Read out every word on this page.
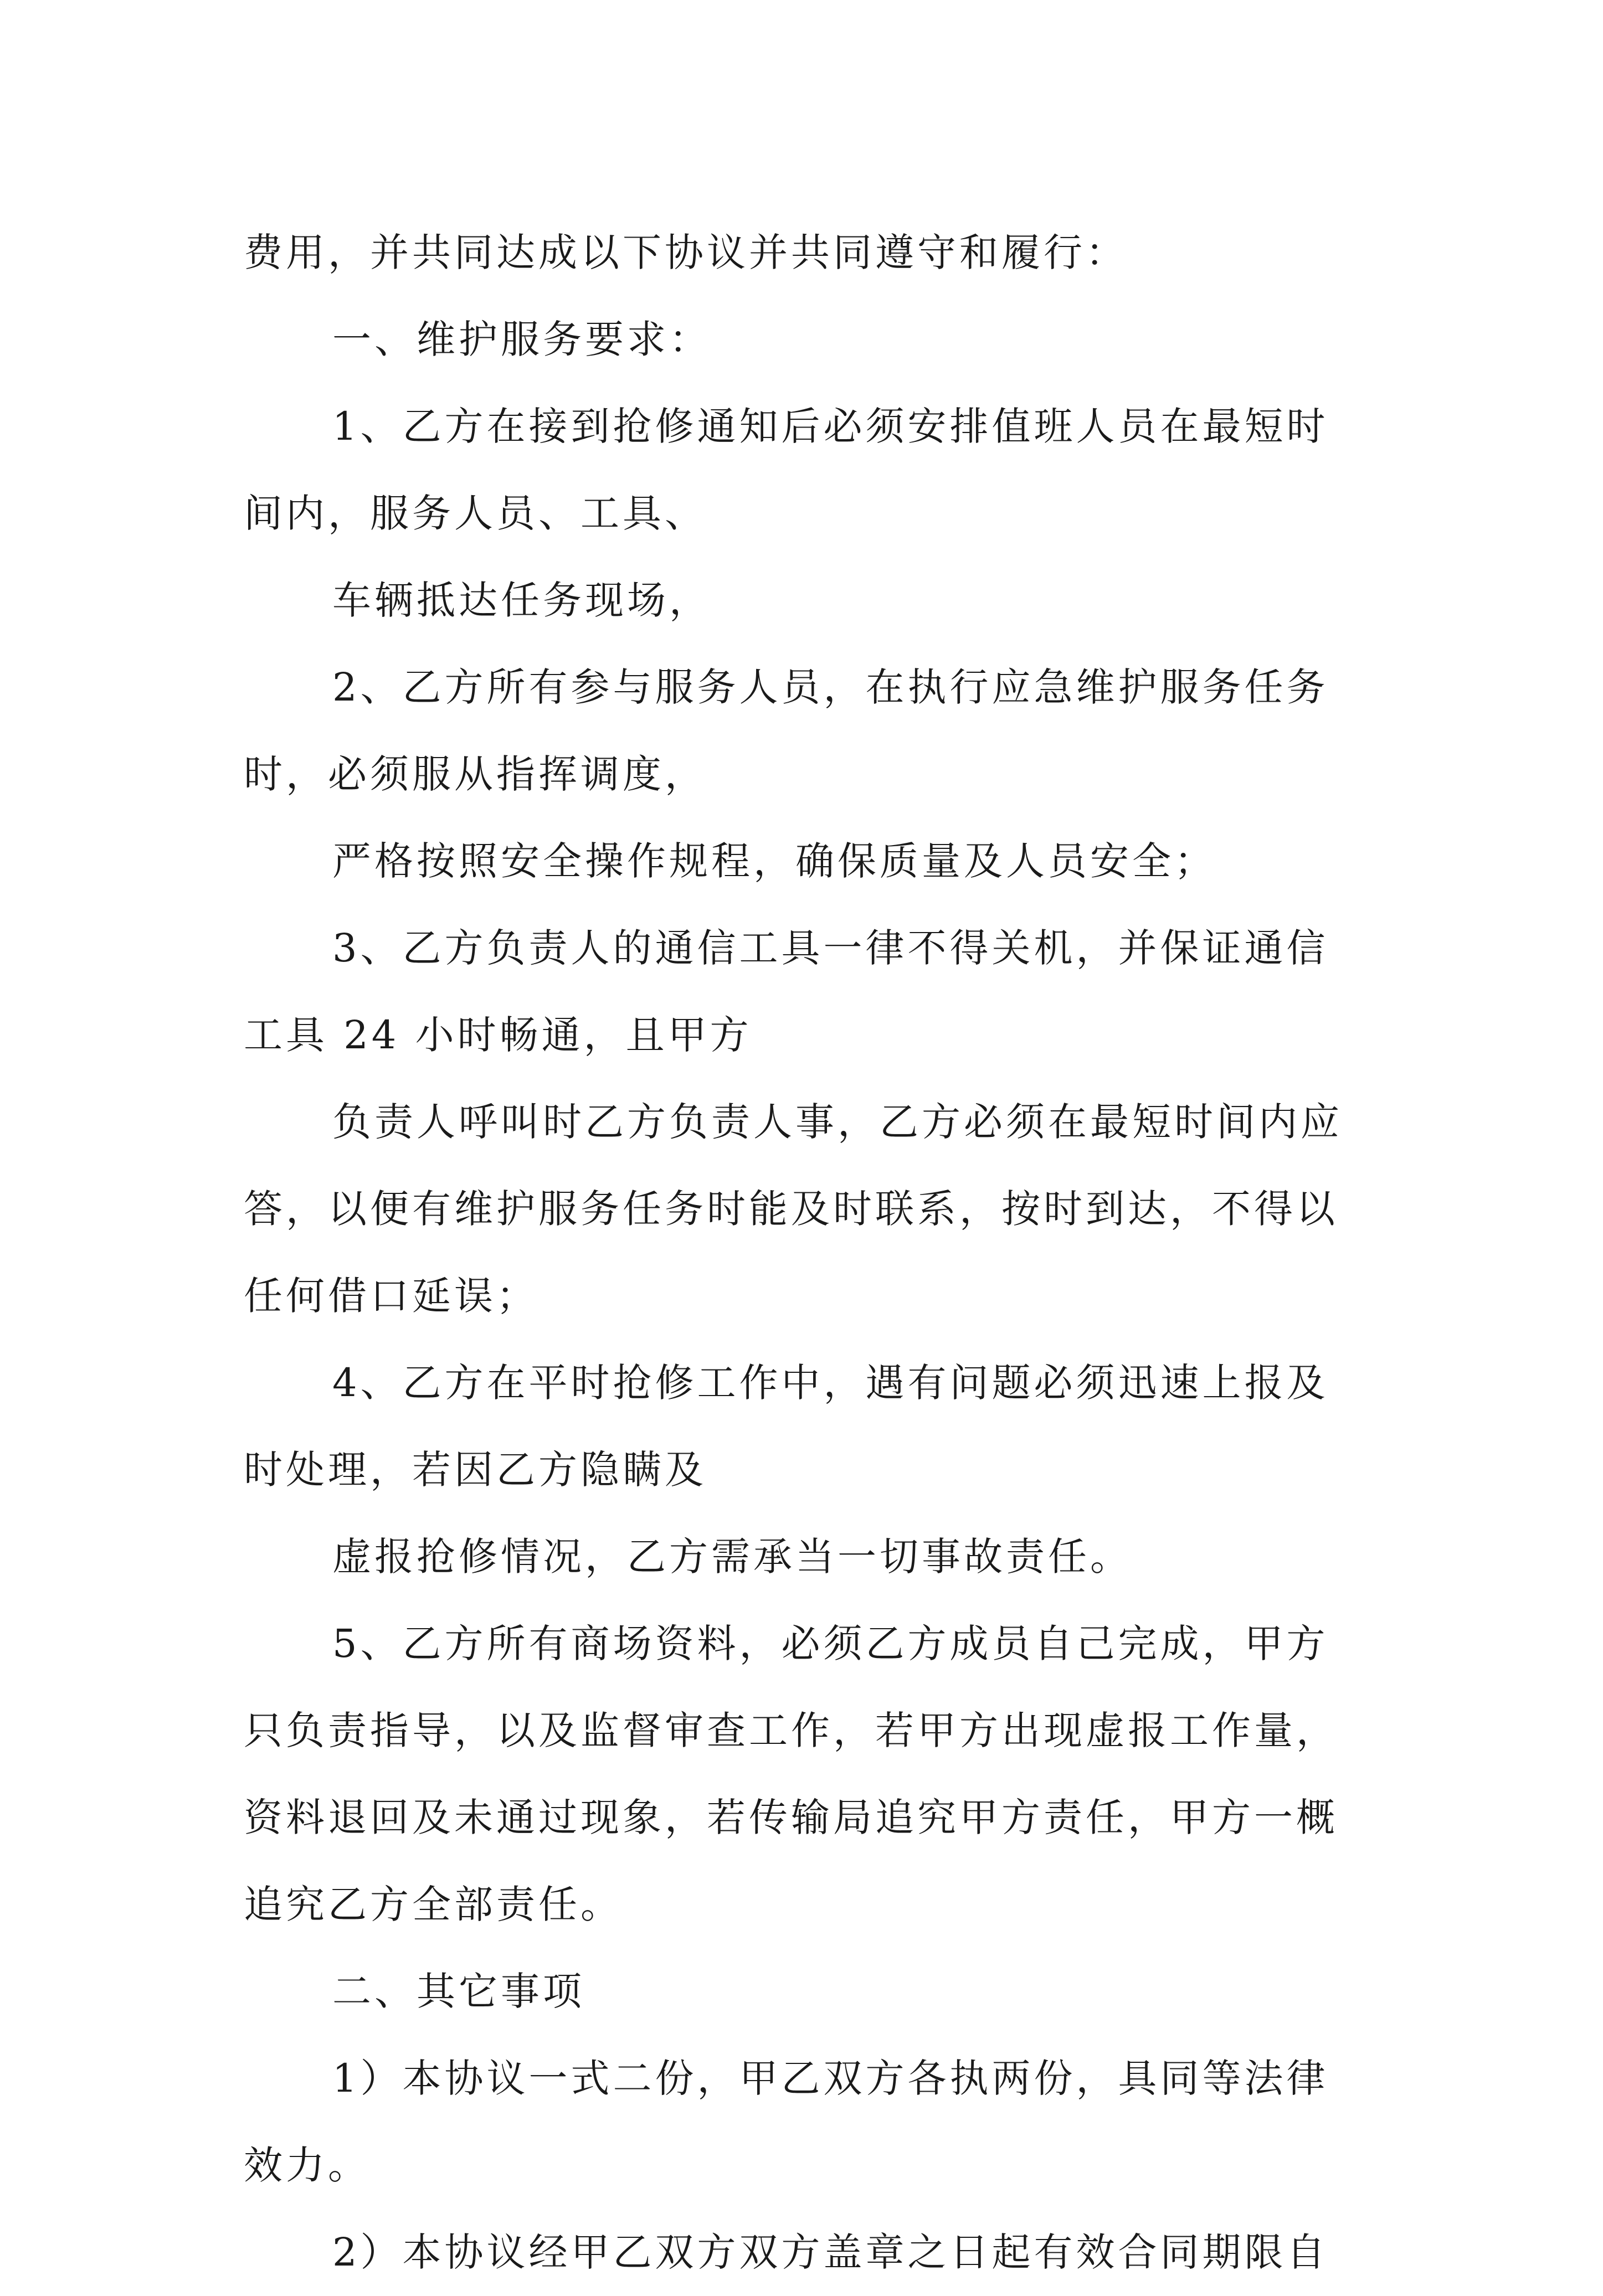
费用，并共同达成以下协议并共同遵守和履行：
一、维护服务要求：
1、乙方在接到抢修通知后必须安排值班人员在最短时
间内，服务人员、工具、
车辆抵达任务现场，
2、乙方所有参与服务人员，在执行应急维护服务任务
时，必须服从指挥调度，
严格按照安全操作规程，确保质量及人员安全；
3、乙方负责人的通信工具一律不得关机，并保证通信
工具 24 小时畅通，且甲方
负责人呼叫时乙方负责人事，乙方必须在最短时间内应
答，以便有维护服务任务时能及时联系，按时到达，不得以
任何借口延误；
4、乙方在平时抢修工作中，遇有问题必须迅速上报及
时处理，若因乙方隐瞒及
虚报抢修情况，乙方需承当一切事故责任。
5、乙方所有商场资料，必须乙方成员自己完成，甲方
只负责指导，以及监督审查工作，若甲方出现虚报工作量，
资料退回及未通过现象，若传输局追究甲方责任，甲方一概
追究乙方全部责任。
二、其它事项
1）本协议一式二份，甲乙双方各执两份，具同等法律
效力。
2）本协议经甲乙双方双方盖章之日起有效合同期限自
